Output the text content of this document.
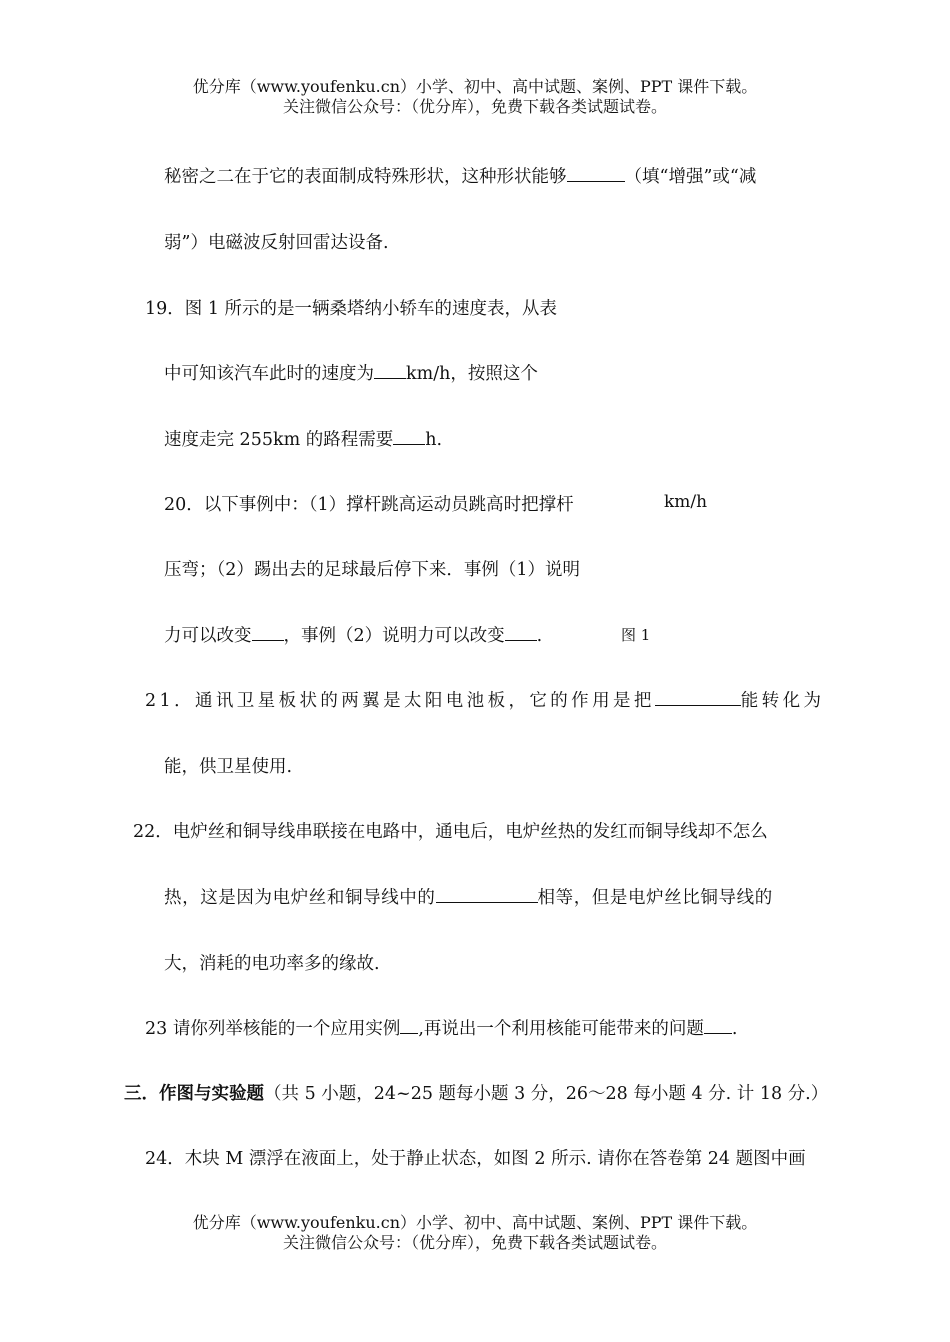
优分库（www.youfenku.cn）小学、初中、高中试题、案例、PPT 课件下载。
关注微信公众号：（优分库），免费下载各类试题试卷。
秘密之二在于它的表面制成特殊形状，这种形状能够	（填“增强”或“减
弱”）电磁波反射回雷达设备.
19．图 1 所示的是一辆桑塔纳小轿车的速度表，从表
中可知该汽车此时的速度为 km/h，按照这个
速度走完 255km 的路程需要 h.
20．以下事例中：（1）撑杆跳高运动员跳高时把撑杆	km/h
压弯；（2）踢出去的足球最后停下来．事例（1）说明
力可以改变 ，事例（2）说明力可以改变 .	图 1
21．通讯卫星板状的两翼是太阳电池板，它的作用是把	能转化为
能，供卫星使用.
22．电炉丝和铜导线串联接在电路中，通电后，电炉丝热的发红而铜导线却不怎么
热，这是因为电炉丝和铜导线中的	相等，但是电炉丝比铜导线的
大，消耗的电功率多的缘故.
23 请你列举核能的一个应用实例 ,再说出一个利用核能可能带来的问题 .
三．作图与实验题（共 5 小题，24~25 题每小题 3 分，26～28 每小题 4 分. 计 18 分.）
24．木块 M 漂浮在液面上，处于静止状态，如图 2 所示. 请你在答卷第 24 题图中画
优分库（www.youfenku.cn）小学、初中、高中试题、案例、PPT 课件下载。
关注微信公众号：（优分库），免费下载各类试题试卷。
